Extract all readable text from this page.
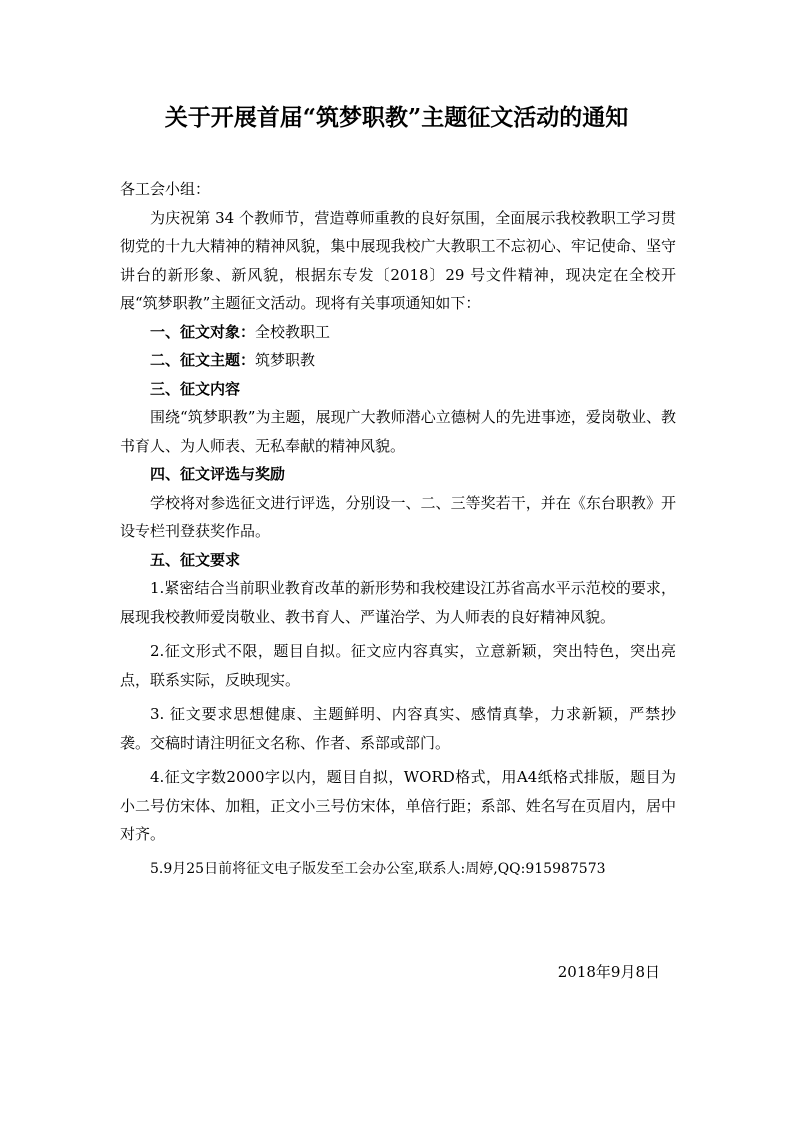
关于开展首届“筑梦职教”主题征文活动的通知

各工会小组：

为庆祝第 34 个教师节，营造尊师重教的良好氛围，全面展示我校教职工学习贯彻党的十九大精神的精神风貌，集中展现我校广大教职工不忘初心、牢记使命、坚守讲台的新形象、新风貌，根据东专发〔2018〕29 号文件精神，现决定在全校开展“筑梦职教”主题征文活动。现将有关事项通知如下：

一、征文对象：全校教职工

二、征文主题：筑梦职教

三、征文内容

围绕“筑梦职教”为主题，展现广大教师潜心立德树人的先进事迹，爱岗敬业、教书育人、为人师表、无私奉献的精神风貌。

四、征文评选与奖励

学校将对参选征文进行评选，分别设一、二、三等奖若干，并在《东台职教》开设专栏刊登获奖作品。

五、征文要求

1.紧密结合当前职业教育改革的新形势和我校建设江苏省高水平示范校的要求，展现我校教师爱岗敬业、教书育人、严谨治学、为人师表的良好精神风貌。

2.征文形式不限，题目自拟。征文应内容真实，立意新颖，突出特色，突出亮点，联系实际，反映现实。

3. 征文要求思想健康、主题鲜明、内容真实、感情真挚，力求新颖，严禁抄袭。交稿时请注明征文名称、作者、系部或部门。

4.征文字数2000字以内，题目自拟，WORD格式，用A4纸格式排版，题目为小二号仿宋体、加粗，正文小三号仿宋体，单倍行距；系部、姓名写在页眉内，居中对齐。

5.9月25日前将征文电子版发至工会办公室,联系人:周婷,QQ:915987573

2018年9月8日
